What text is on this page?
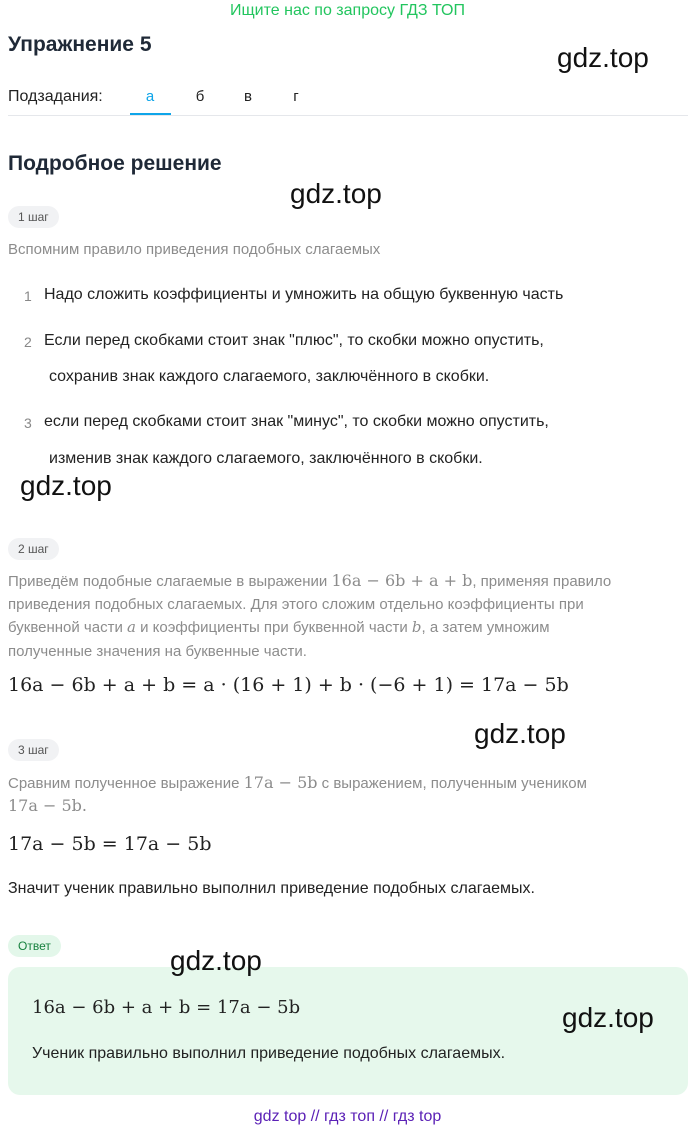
Ищите нас по запросу ГДЗ ТОП
Упражнение 5	gdz.top
Подзадания:	а	б	в	г
Подробное решение
gdz.top
1 шаг
Вспомним правило приведения подобных слагаемых
1 Надо сложить коэффициенты и умножить на общую буквенную часть
2 Если перед скобками стоит знак "плюс", то скобки можно опустить,
сохранив знак каждого слагаемого, заключённого в скобки.
3 если перед скобками стоит знак "минус", то скобки можно опустить,
изменив знак каждого слагаемого, заключённого в скобки.
gdz.top
2 шаг
Приведём подобные слагаемые в выражении 16a − 6b + a + b, применяя правило
приведения подобных слагаемых. Для этого сложим отдельно коэффициенты при
буквенной части a и коэффициенты при буквенной части b, а затем умножим
полученные значения на буквенные части.
16a − 6b + a + b = a · (16 + 1) + b · (−6 + 1) = 17a − 5b
gdz.top
3 шаг
Сравним полученное выражение 17a − 5b с выражением, полученным учеником
17a − 5b.
17a − 5b = 17a − 5b
Значит ученик правильно выполнил приведение подобных слагаемых.
Ответ	gdz.top
16a − 6b + a + b = 17a − 5b	gdz.top
Ученик правильно выполнил приведение подобных слагаемых.
gdz top // гдз топ // гдз top
